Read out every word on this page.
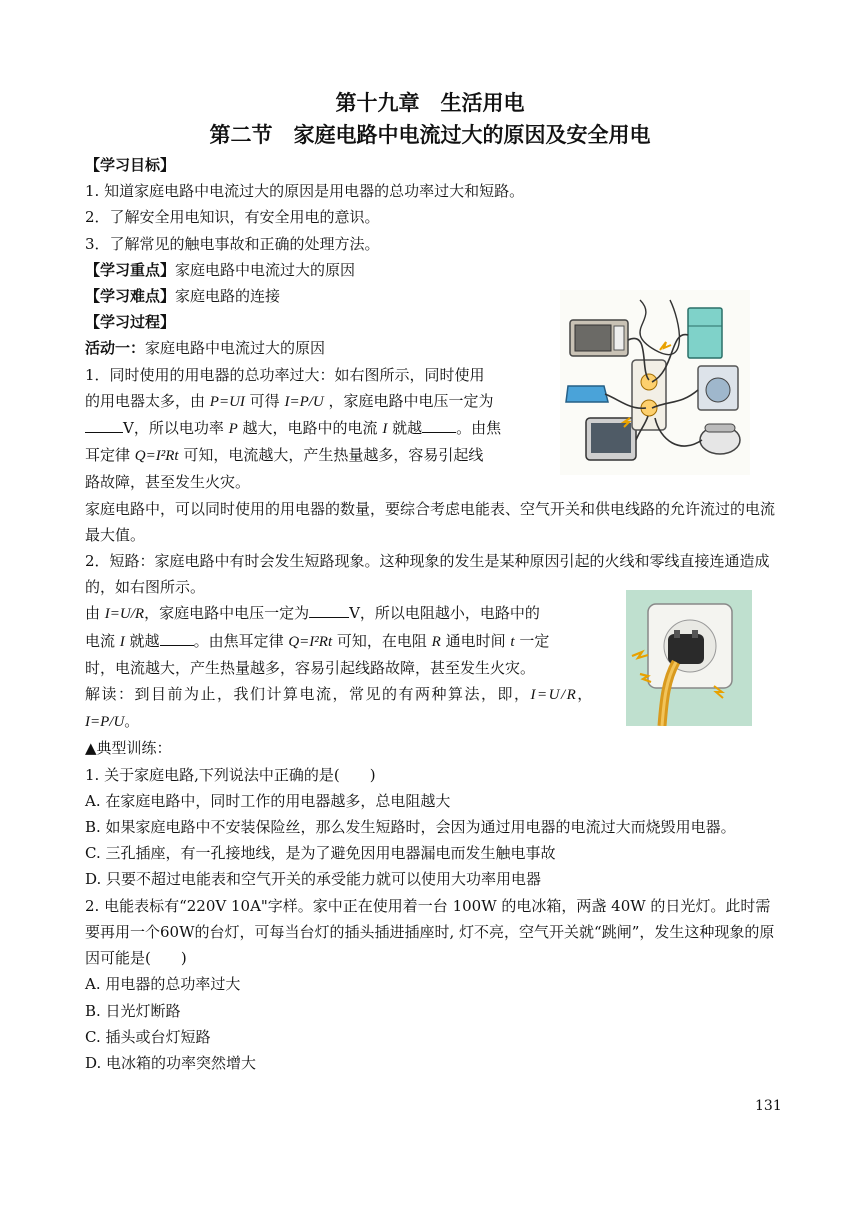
第十九章　生活用电
第二节　家庭电路中电流过大的原因及安全用电
【学习目标】
1. 知道家庭电路中电流过大的原因是用电器的总功率过大和短路。
2．了解安全用电知识，有安全用电的意识。
3．了解常见的触电事故和正确的处理方法。
【学习重点】家庭电路中电流过大的原因
【学习难点】家庭电路的连接
【学习过程】
活动一：家庭电路中电流过大的原因
1．同时使用的用电器的总功率过大：如右图所示，同时使用
的用电器太多，由 P=UI 可得 I=P/U ，家庭电路中电压一定为
V，所以电功率 P 越大，电路中的电流 I 就越 。由焦
耳定律 Q=I²Rt 可知，电流越大，产生热量越多，容易引起线
路故障，甚至发生火灾。
家庭电路中，可以同时使用的用电器的数量，要综合考虑电能表、空气开关和供电线路的允许流过的电流最大值。
2．短路：家庭电路中有时会发生短路现象。这种现象的发生是某种原因引起的火线和零线直接连通造成的，如右图所示。
由 I=U/R，家庭电路中电压一定为	V，所以电阻越小，电路中的
电流 I 就越 。由焦耳定律 Q=I²Rt 可知，在电阻 R 通电时间 t 一定
时，电流越大，产生热量越多，容易引起线路故障，甚至发生火灾。
解读：到目前为止，我们计算电流，常见的有两种算法，即，I=U/R，
I=P/U。
▲典型训练：
1. 关于家庭电路,下列说法中正确的是(　　)
A. 在家庭电路中，同时工作的用电器越多，总电阻越大
B. 如果家庭电路中不安装保险丝，那么发生短路时，会因为通过用电器的电流过大而烧毁用电器。
C. 三孔插座，有一孔接地线，是为了避免因用电器漏电而发生触电事故
D. 只要不超过电能表和空气开关的承受能力就可以使用大功率用电器
2. 电能表标有“220V 10A"字样。家中正在使用着一台 100W 的电冰箱，两盏 40W 的日光灯。此时需要再用一个60W的台灯，可每当台灯的插头插进插座时, 灯不亮，空气开关就“跳闸”，发生这种现象的原因可能是(　　)
A. 用电器的总功率过大
B. 日光灯断路
C. 插头或台灯短路
D. 电冰箱的功率突然增大
131
